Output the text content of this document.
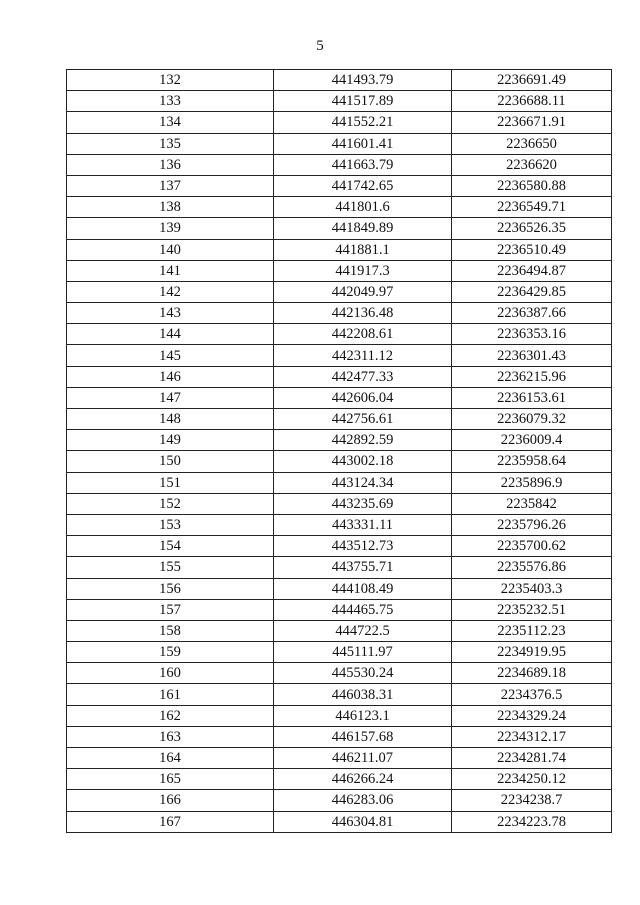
5
132	441493.79	2236691.49
133	441517.89	2236688.11
134	441552.21	2236671.91
135	441601.41	2236650
136	441663.79	2236620
137	441742.65	2236580.88
138	441801.6	2236549.71
139	441849.89	2236526.35
140	441881.1	2236510.49
141	441917.3	2236494.87
142	442049.97	2236429.85
143	442136.48	2236387.66
144	442208.61	2236353.16
145	442311.12	2236301.43
146	442477.33	2236215.96
147	442606.04	2236153.61
148	442756.61	2236079.32
149	442892.59	2236009.4
150	443002.18	2235958.64
151	443124.34	2235896.9
152	443235.69	2235842
153	443331.11	2235796.26
154	443512.73	2235700.62
155	443755.71	2235576.86
156	444108.49	2235403.3
157	444465.75	2235232.51
158	444722.5	2235112.23
159	445111.97	2234919.95
160	445530.24	2234689.18
161	446038.31	2234376.5
162	446123.1	2234329.24
163	446157.68	2234312.17
164	446211.07	2234281.74
165	446266.24	2234250.12
166	446283.06	2234238.7
167	446304.81	2234223.78
